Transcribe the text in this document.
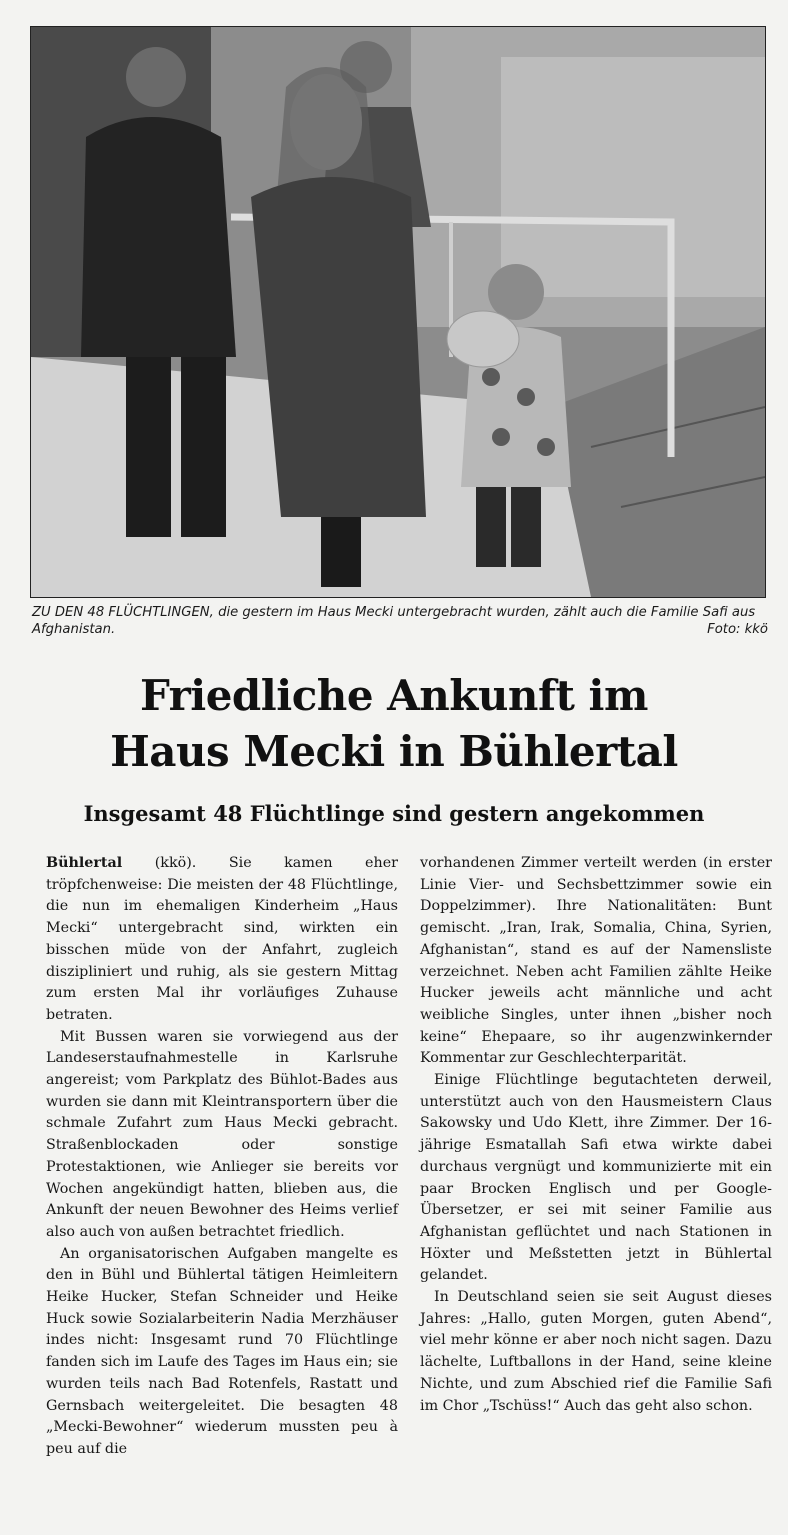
ZU DEN 48 FLÜCHTLINGEN, die gestern im Haus Mecki untergebracht wurden, zählt auch die Familie Safi aus Afghanistan.	Foto: kkö
Friedliche Ankunft im
Haus Mecki in Bühlertal
Insgesamt 48 Flüchtlinge sind gestern angekommen

Bühlertal (kkö). Sie kamen eher tröpfchenweise: Die meisten der 48 Flüchtlinge, die nun im ehemaligen Kinderheim „Haus Mecki“ untergebracht sind, wirkten ein bisschen müde von der Anfahrt, zugleich diszipliniert und ruhig, als sie gestern Mittag zum ersten Mal ihr vorläufiges Zuhause betraten.

Mit Bussen waren sie vorwiegend aus der Landeserstaufnahmestelle in Karlsruhe angereist; vom Parkplatz des Bühlot-Bades aus wurden sie dann mit Kleintransportern über die schmale Zufahrt zum Haus Mecki gebracht. Straßenblockaden oder sonstige Protestaktionen, wie Anlieger sie bereits vor Wochen angekündigt hatten, blieben aus, die Ankunft der neuen Bewohner des Heims verlief also auch von außen betrachtet friedlich.

An organisatorischen Aufgaben mangelte es den in Bühl und Bühlertal tätigen Heimleitern Heike Hucker, Stefan Schneider und Heike Huck sowie Sozialarbeiterin Nadia Merzhäuser indes nicht: Insgesamt rund 70 Flüchtlinge fanden sich im Laufe des Tages im Haus ein; sie wurden teils nach Bad Rotenfels, Rastatt und Gernsbach weitergeleitet. Die besagten 48 „Mecki-Bewohner“ wiederum mussten peu à peu auf die

vorhandenen Zimmer verteilt werden (in erster Linie Vier- und Sechsbettzimmer sowie ein Doppelzimmer). Ihre Nationalitäten: Bunt gemischt. „Iran, Irak, Somalia, China, Syrien, Afghanistan“, stand es auf der Namensliste verzeichnet. Neben acht Familien zählte Heike Hucker jeweils acht männliche und acht weibliche Singles, unter ihnen „bisher noch keine“ Ehepaare, so ihr augenzwinkernder Kommentar zur Geschlechterparität.

Einige Flüchtlinge begutachteten derweil, unterstützt auch von den Hausmeistern Claus Sakowsky und Udo Klett, ihre Zimmer. Der 16-jährige Esmatallah Safi etwa wirkte dabei durchaus vergnügt und kommunizierte mit ein paar Brocken Englisch und per Google-Übersetzer, er sei mit seiner Familie aus Afghanistan geflüchtet und nach Stationen in Höxter und Meßstetten jetzt in Bühlertal gelandet.

In Deutschland seien sie seit August dieses Jahres: „Hallo, guten Morgen, guten Abend“, viel mehr könne er aber noch nicht sagen. Dazu lächelte, Luftballons in der Hand, seine kleine Nichte, und zum Abschied rief die Familie Safi im Chor „Tschüss!“ Auch das geht also schon.
